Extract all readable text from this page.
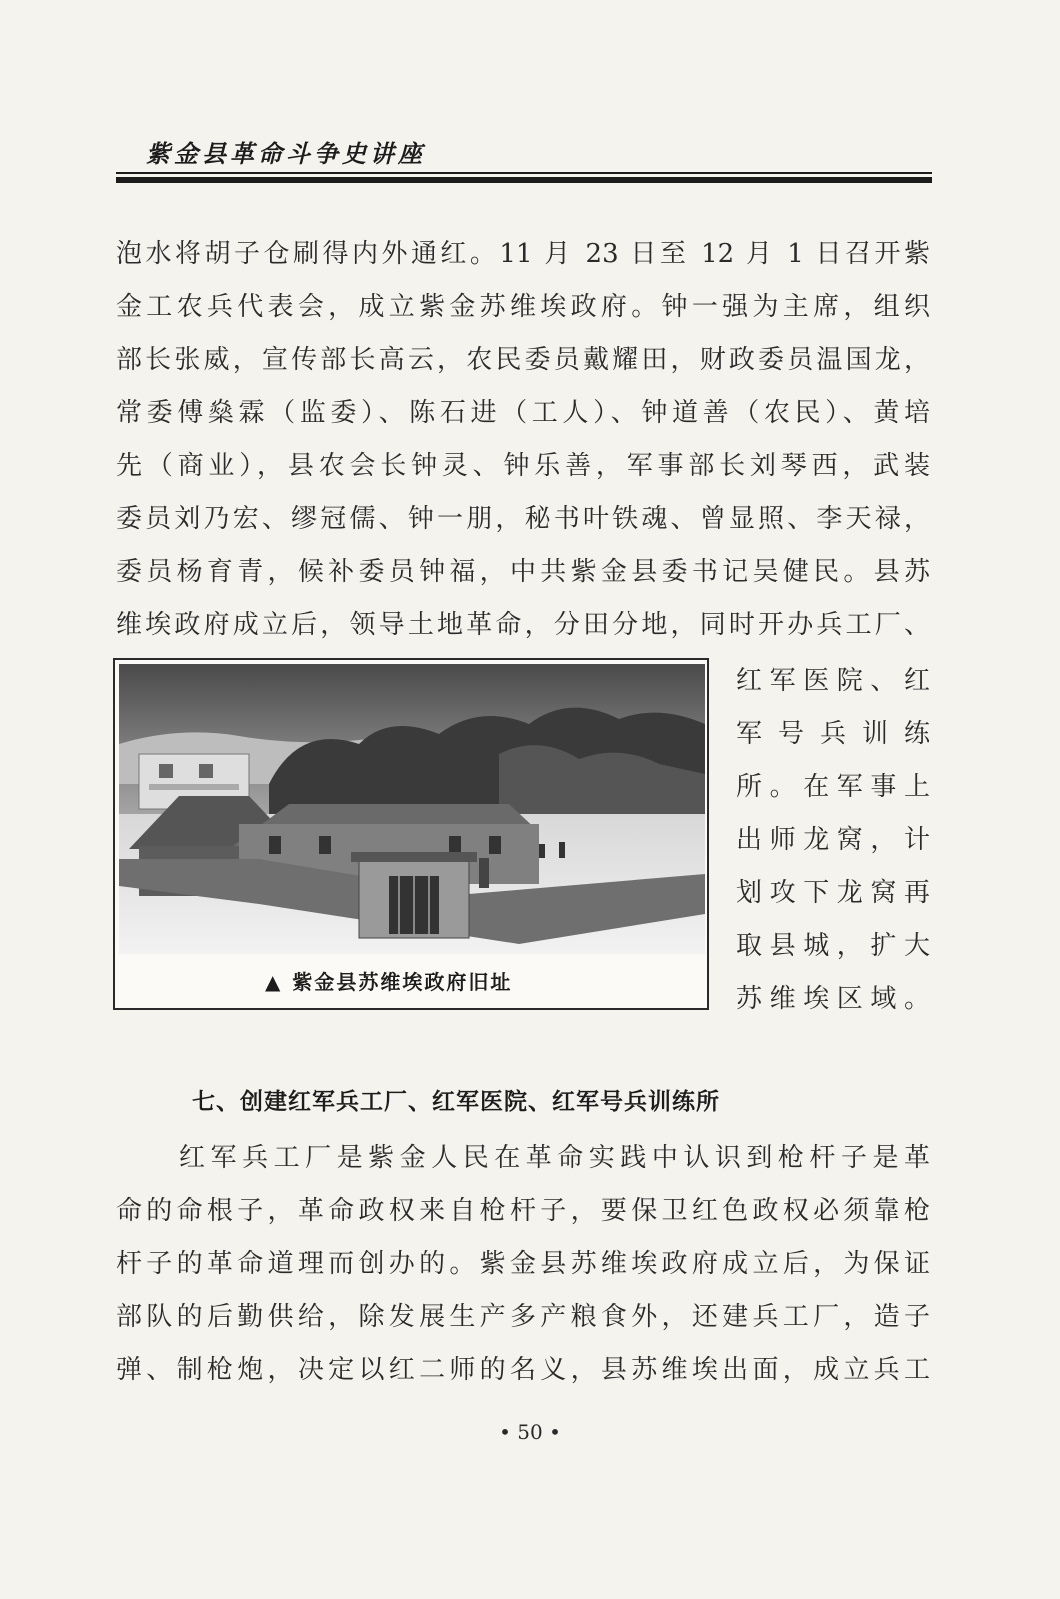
紫金县革命斗争史讲座
泡水将胡子仓刷得内外通红。11 月 23 日至 12 月 1 日召开紫
金工农兵代表会，成立紫金苏维埃政府。钟一强为主席，组织
部长张威，宣传部长高云，农民委员戴耀田，财政委员温国龙，
常委傅燊霖（监委）、陈石进（工人）、钟道善（农民）、黄培
先（商业），县农会长钟灵、钟乐善，军事部长刘琴西，武装
委员刘乃宏、缪冠儒、钟一朋，秘书叶铁魂、曾显照、李天禄，
委员杨育青，候补委员钟福，中共紫金县委书记吴健民。县苏
维埃政府成立后，领导土地革命，分田分地，同时开办兵工厂、
▲ 紫金县苏维埃政府旧址
红军医院、红
军号兵训练
所。在军事上
出师龙窝，计
划攻下龙窝再
取县城，扩大
苏维埃区域。
七、创建红军兵工厂、红军医院、红军号兵训练所
　　红军兵工厂是紫金人民在革命实践中认识到枪杆子是革
命的命根子，革命政权来自枪杆子，要保卫红色政权必须靠枪
杆子的革命道理而创办的。紫金县苏维埃政府成立后，为保证
部队的后勤供给，除发展生产多产粮食外，还建兵工厂，造子
弹、制枪炮，决定以红二师的名义，县苏维埃出面，成立兵工
• 50 •
